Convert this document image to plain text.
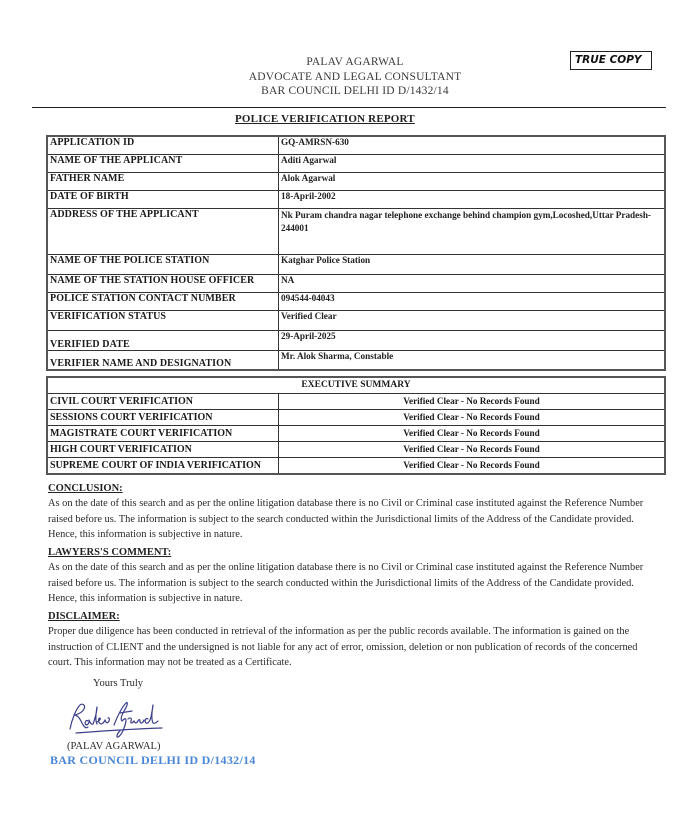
PALAV AGARWAL
ADVOCATE AND LEGAL CONSULTANT
BAR COUNCIL DELHI ID D/1432/14
TRUE COPY
POLICE VERIFICATION REPORT
APPLICATION ID	GQ-AMRSN-630
NAME OF THE APPLICANT	Aditi Agarwal
FATHER NAME	Alok Agarwal
DATE OF BIRTH	18-April-2002
ADDRESS OF THE APPLICANT	Nk Puram chandra nagar telephone exchange behind champion gym,Locoshed,Uttar Pradesh-244001
NAME OF THE POLICE STATION	Katghar Police Station
NAME OF THE STATION HOUSE OFFICER	NA
POLICE STATION CONTACT NUMBER	094544-04043
VERIFICATION STATUS	Verified Clear
VERIFIED DATE	29-April-2025
VERIFIER NAME AND DESIGNATION	Mr. Alok Sharma, Constable
EXECUTIVE SUMMARY	
CIVIL COURT VERIFICATION	Verified Clear - No Records Found
SESSIONS COURT VERIFICATION	Verified Clear - No Records Found
MAGISTRATE COURT VERIFICATION	Verified Clear - No Records Found
HIGH COURT VERIFICATION	Verified Clear - No Records Found
SUPREME COURT OF INDIA VERIFICATION	Verified Clear - No Records Found
CONCLUSION:

As on the date of this search and as per the online litigation database there is no Civil or Criminal case instituted against the Reference Number raised before us. The information is subject to the search conducted within the Jurisdictional limits of the Address of the Candidate provided. Hence, this information is subjective in nature.

LAWYERS'S COMMENT:

As on the date of this search and as per the online litigation database there is no Civil or Criminal case instituted against the Reference Number raised before us. The information is subject to the search conducted within the Jurisdictional limits of the Address of the Candidate provided. Hence, this information is subjective in nature.

DISCLAIMER:

Proper due diligence has been conducted in retrieval of the information as per the public records available. The information is gained on the instruction of CLIENT and the undersigned is not liable for any act of error, omission, deletion or non publication of records of the concerned court. This information may not be treated as a Certificate.

Yours Truly
(PALAV AGARWAL)
BAR COUNCIL DELHI ID D/1432/14
